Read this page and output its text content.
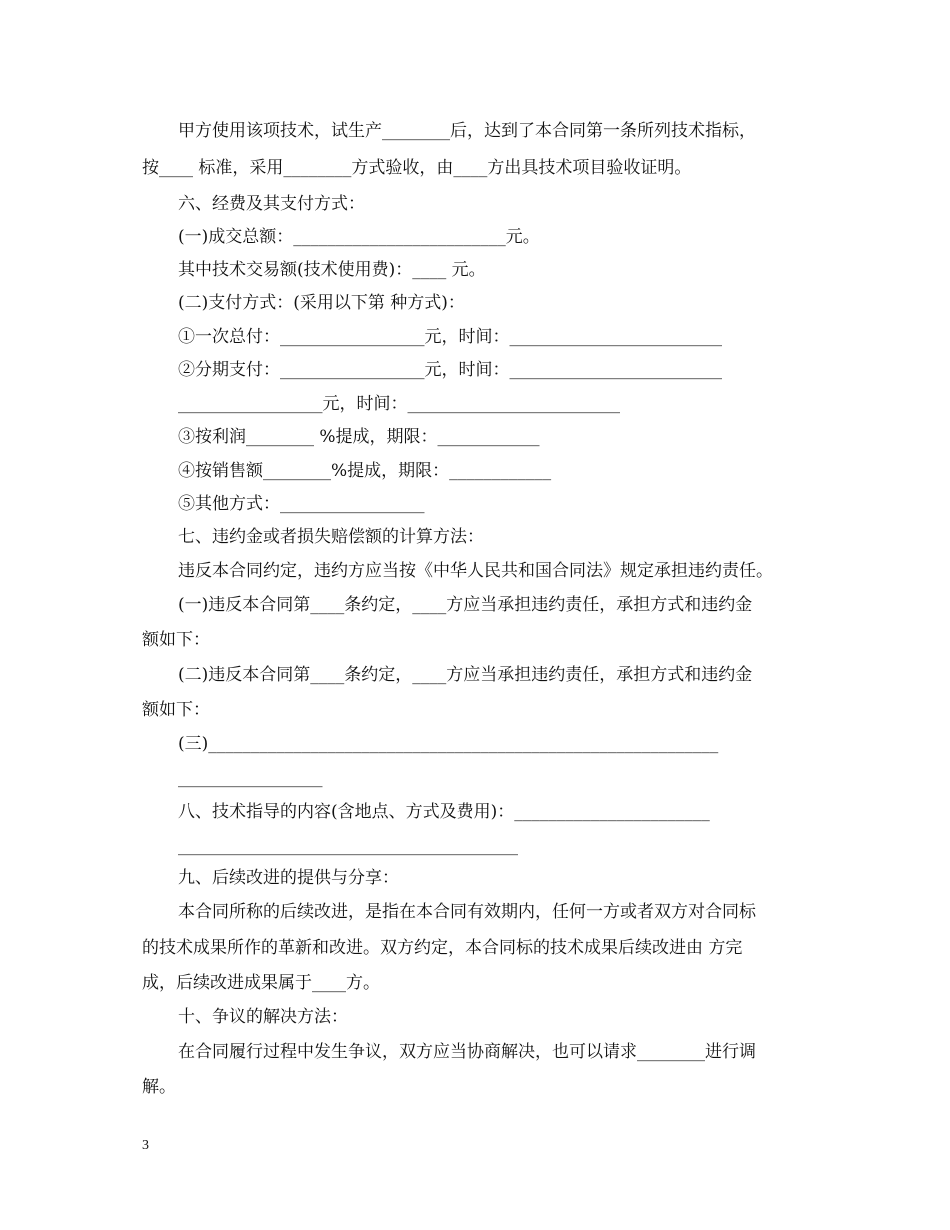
甲方使用该项技术，试生产________后，达到了本合同第一条所列技术指标，
按____ 标准，采用________方式验收，由____方出具技术项目验收证明。
六、经费及其支付方式：
(一)成交总额：_________________________元。
其中技术交易额(技术使用费)：____ 元。
(二)支付方式：(采用以下第 种方式)：
①一次总付：_________________元，时间：_________________________
②分期支付：_________________元，时间：_________________________
_________________元，时间：_________________________
③按利润________ %提成，期限：____________
④按销售额________%提成，期限：____________
⑤其他方式：_________________
七、违约金或者损失赔偿额的计算方法：
违反本合同约定，违约方应当按《中华人民共和国合同法》规定承担违约责任。
(一)违反本合同第____条约定，____方应当承担违约责任，承担方式和违约金
额如下：
(二)违反本合同第____条约定，____方应当承担违约责任，承担方式和违约金
额如下：
(三)____________________________________________________________
_________________
八、技术指导的内容(含地点、方式及费用)：_______________________
________________________________________
九、后续改进的提供与分享：
本合同所称的后续改进，是指在本合同有效期内，任何一方或者双方对合同标
的技术成果所作的革新和改进。双方约定，本合同标的技术成果后续改进由 方完
成，后续改进成果属于____方。
十、争议的解决方法：
在合同履行过程中发生争议，双方应当协商解决，也可以请求________进行调
解。
3
